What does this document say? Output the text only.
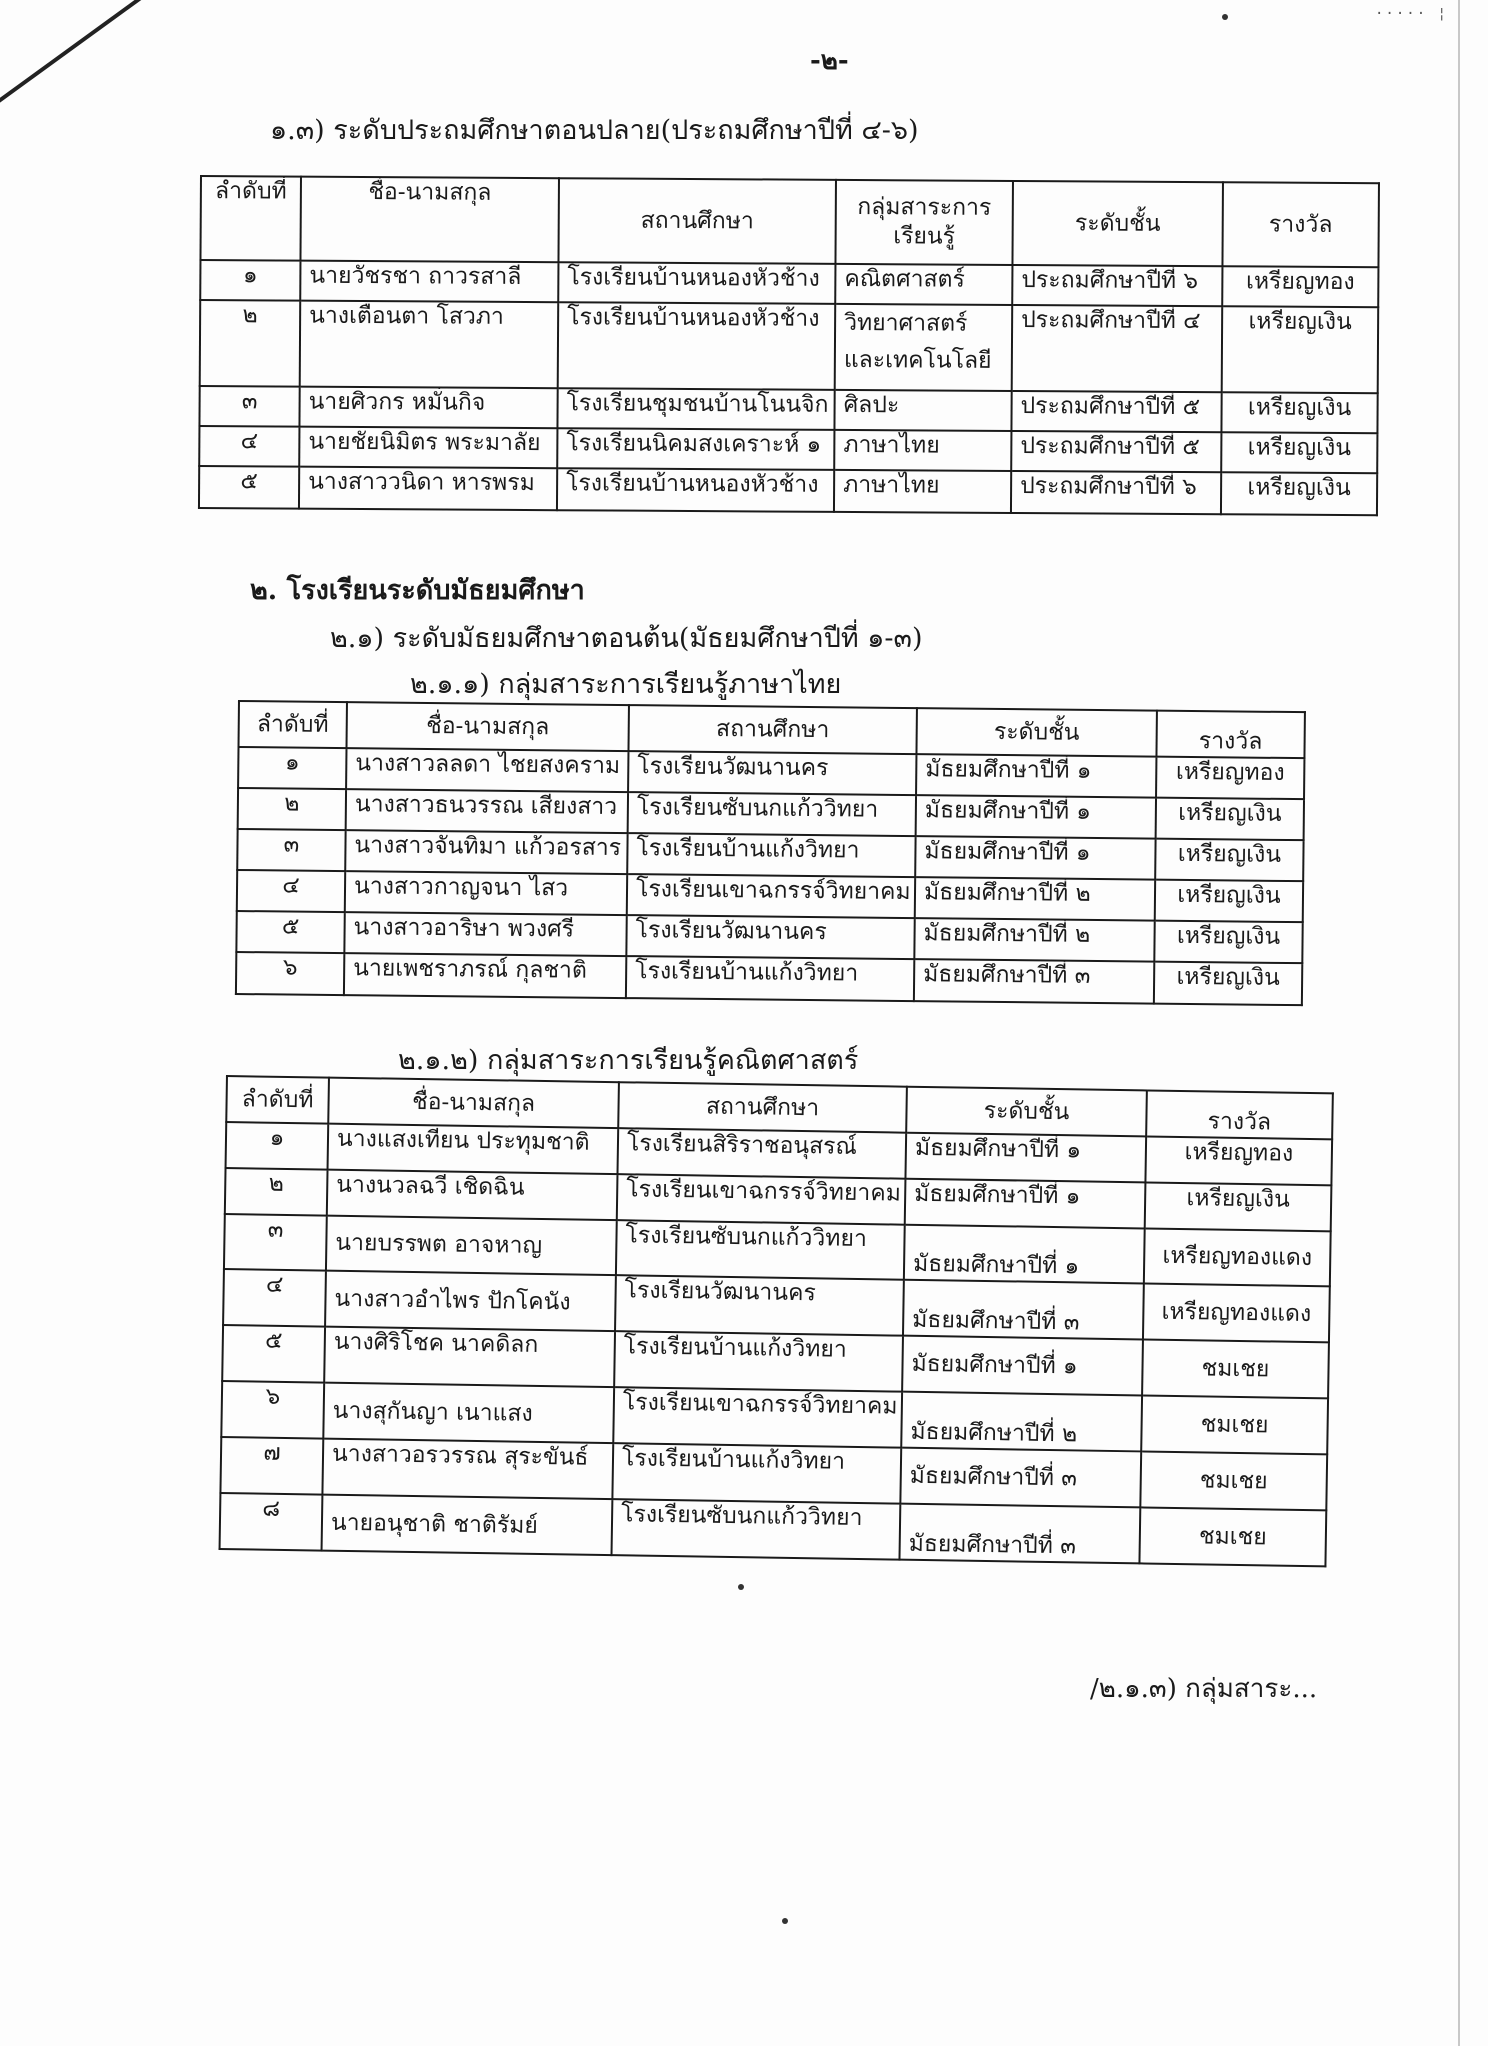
····· ¦
-๒-
๑.๓) ระดับประถมศึกษาตอนปลาย(ประถมศึกษาปีที่ ๔-๖)
ลำดับที่	ชื่อ-นามสกุล	สถานศึกษา	กลุ่มสาระการเรียนรู้	ระดับชั้น	รางวัล
๑	นายวัชรชา ถาวรสาลี	โรงเรียนบ้านหนองหัวช้าง	คณิตศาสตร์	ประถมศึกษาปีที่ ๖	เหรียญทอง
๒	นางเตือนตา โสวภา	โรงเรียนบ้านหนองหัวช้าง	วิทยาศาสตร์และเทคโนโลยี	ประถมศึกษาปีที่ ๔	เหรียญเงิน
๓	นายศิวกร หมั่นกิจ	โรงเรียนชุมชนบ้านโนนจิก	ศิลปะ	ประถมศึกษาปีที่ ๕	เหรียญเงิน
๔	นายชัยนิมิตร พระมาลัย	โรงเรียนนิคมสงเคราะห์ ๑	ภาษาไทย	ประถมศึกษาปีที่ ๕	เหรียญเงิน
๕	นางสาววนิดา หารพรม	โรงเรียนบ้านหนองหัวช้าง	ภาษาไทย	ประถมศึกษาปีที่ ๖	เหรียญเงิน
๒. โรงเรียนระดับมัธยมศึกษา
๒.๑) ระดับมัธยมศึกษาตอนต้น(มัธยมศึกษาปีที่ ๑-๓)
๒.๑.๑) กลุ่มสาระการเรียนรู้ภาษาไทย
ลำดับที่	ชื่อ-นามสกุล	สถานศึกษา	ระดับชั้น	รางวัล
๑	นางสาวลลดา ไชยสงคราม	โรงเรียนวัฒนานคร	มัธยมศึกษาปีที่ ๑	เหรียญทอง
๒	นางสาวธนวรรณ เสียงสาว	โรงเรียนซับนกแก้ววิทยา	มัธยมศึกษาปีที่ ๑	เหรียญเงิน
๓	นางสาวจันทิมา แก้วอรสาร	โรงเรียนบ้านแก้งวิทยา	มัธยมศึกษาปีที่ ๑	เหรียญเงิน
๔	นางสาวกาญจนา ไสว	โรงเรียนเขาฉกรรจ์วิทยาคม	มัธยมศึกษาปีที่ ๒	เหรียญเงิน
๕	นางสาวอาริษา พวงศรี	โรงเรียนวัฒนานคร	มัธยมศึกษาปีที่ ๒	เหรียญเงิน
๖	นายเพชราภรณ์ กุลชาติ	โรงเรียนบ้านแก้งวิทยา	มัธยมศึกษาปีที่ ๓	เหรียญเงิน
๒.๑.๒) กลุ่มสาระการเรียนรู้คณิตศาสตร์
ลำดับที่	ชื่อ-นามสกุล	สถานศึกษา	ระดับชั้น	รางวัล
๑	นางแสงเทียน ประทุมชาติ	โรงเรียนสิริราชอนุสรณ์	มัธยมศึกษาปีที่ ๑	เหรียญทอง
๒	นางนวลฉวี เชิดฉิน	โรงเรียนเขาฉกรรจ์วิทยาคม	มัธยมศึกษาปีที่ ๑	เหรียญเงิน
๓	นายบรรพต อาจหาญ	โรงเรียนซับนกแก้ววิทยา	มัธยมศึกษาปีที่ ๑	เหรียญทองแดง
๔	นางสาวอำไพร ปักโคนัง	โรงเรียนวัฒนานคร	มัธยมศึกษาปีที่ ๓	เหรียญทองแดง
๕	นางศิริโชค นาคดิลก	โรงเรียนบ้านแก้งวิทยา	มัธยมศึกษาปีที่ ๑	ชมเชย
๖	นางสุกันญา เนาแสง	โรงเรียนเขาฉกรรจ์วิทยาคม	มัธยมศึกษาปีที่ ๒	ชมเชย
๗	นางสาวอรวรรณ สุระขันธ์	โรงเรียนบ้านแก้งวิทยา	มัธยมศึกษาปีที่ ๓	ชมเชย
๘	นายอนุชาติ ชาติรัมย์	โรงเรียนซับนกแก้ววิทยา	มัธยมศึกษาปีที่ ๓	ชมเชย
/๒.๑.๓) กลุ่มสาระ...
